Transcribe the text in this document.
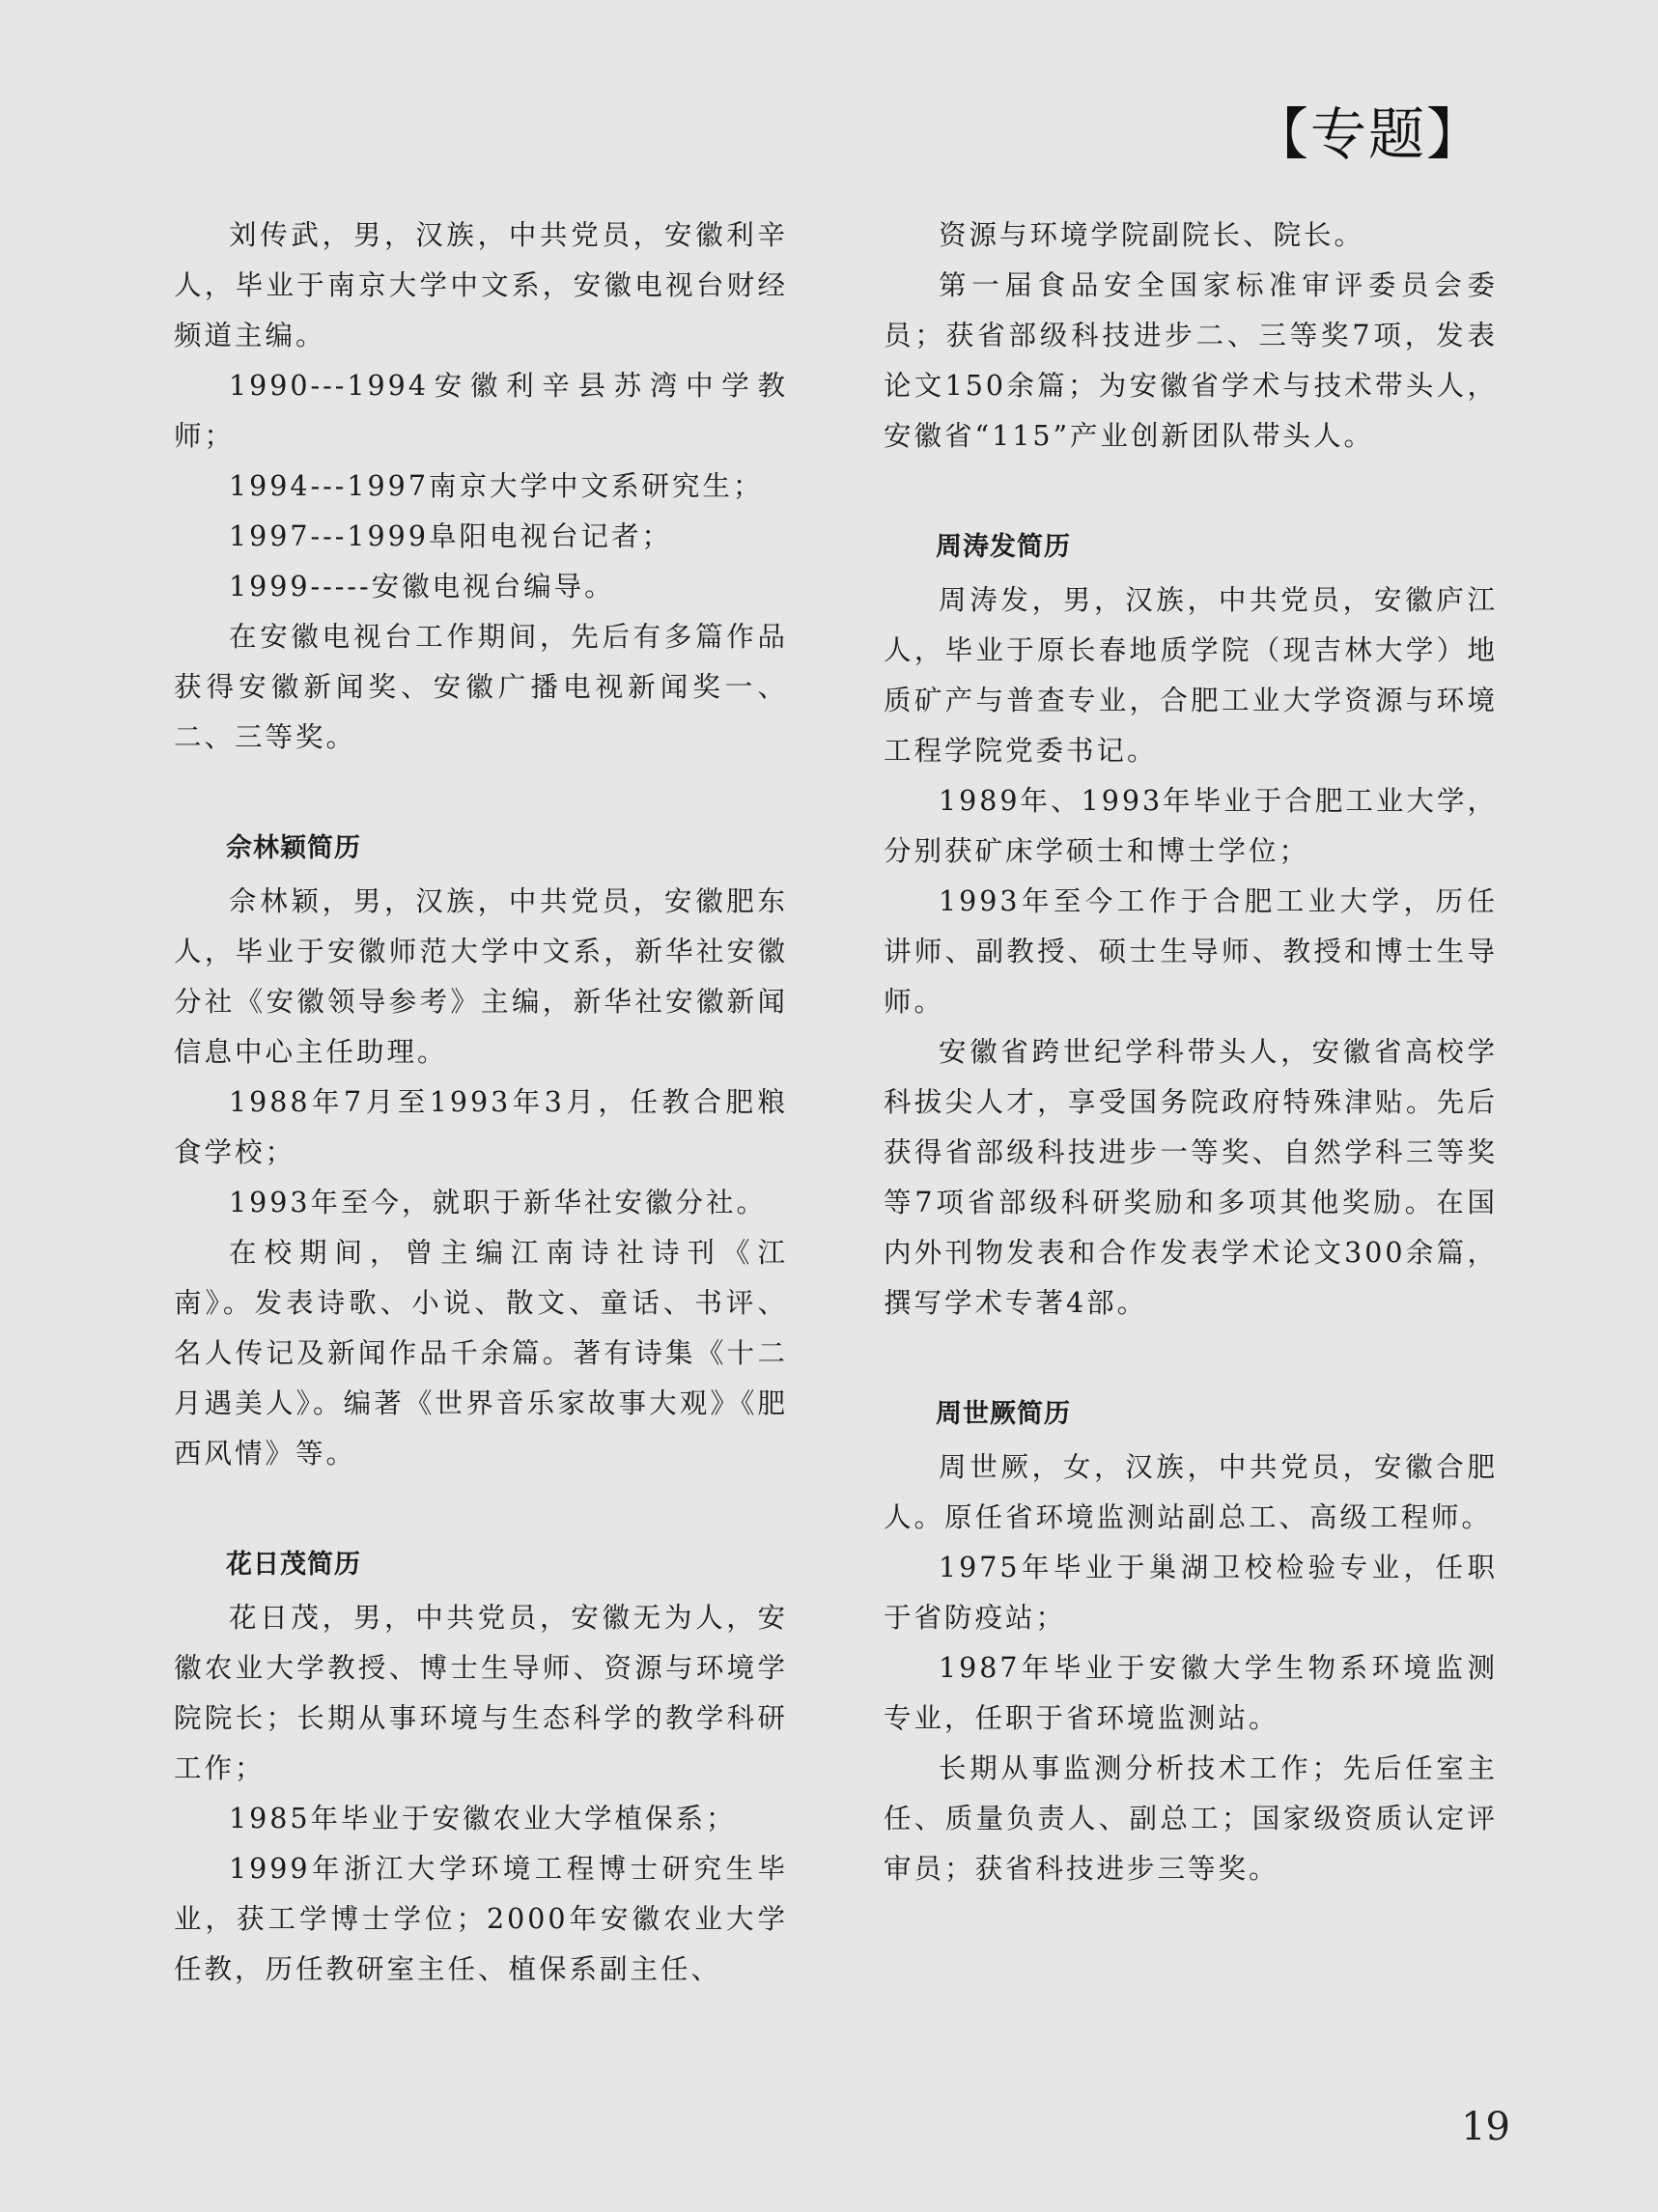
【专题】

刘传武，男，汉族，中共党员，安徽利辛人，毕业于南京大学中文系，安徽电视台财经频道主编。

1990---1994安徽利辛县苏湾中学教师；

1994---1997南京大学中文系研究生；

1997---1999阜阳电视台记者；

1999-----安徽电视台编导。

在安徽电视台工作期间，先后有多篇作品获得安徽新闻奖、安徽广播电视新闻奖一、二、三等奖。

佘林颖简历

佘林颖，男，汉族，中共党员，安徽肥东人，毕业于安徽师范大学中文系，新华社安徽分社《安徽领导参考》主编，新华社安徽新闻信息中心主任助理。

1988年7月至1993年3月，任教合肥粮食学校；

1993年至今，就职于新华社安徽分社。

在校期间，曾主编江南诗社诗刊《江南》。发表诗歌、小说、散文、童话、书评、名人传记及新闻作品千余篇。著有诗集《十二月遇美人》。编著《世界音乐家故事大观》《肥西风情》等。

花日茂简历

花日茂，男，中共党员，安徽无为人，安徽农业大学教授、博士生导师、资源与环境学院院长；长期从事环境与生态科学的教学科研工作；

1985年毕业于安徽农业大学植保系；

1999年浙江大学环境工程博士研究生毕业，获工学博士学位；2000年安徽农业大学任教，历任教研室主任、植保系副主任、

资源与环境学院副院长、院长。

第一届食品安全国家标准审评委员会委员；获省部级科技进步二、三等奖7项，发表论文150余篇；为安徽省学术与技术带头人，安徽省“115”产业创新团队带头人。

周涛发简历

周涛发，男，汉族，中共党员，安徽庐江人，毕业于原长春地质学院（现吉林大学）地质矿产与普查专业，合肥工业大学资源与环境工程学院党委书记。

1989年、1993年毕业于合肥工业大学，分别获矿床学硕士和博士学位；

1993年至今工作于合肥工业大学，历任讲师、副教授、硕士生导师、教授和博士生导师。

安徽省跨世纪学科带头人，安徽省高校学科拔尖人才，享受国务院政府特殊津贴。先后获得省部级科技进步一等奖、自然学科三等奖等7项省部级科研奖励和多项其他奖励。在国内外刊物发表和合作发表学术论文300余篇，撰写学术专著4部。

周世厥简历

周世厥，女，汉族，中共党员，安徽合肥人。原任省环境监测站副总工、高级工程师。

1975年毕业于巢湖卫校检验专业，任职于省防疫站；

1987年毕业于安徽大学生物系环境监测专业，任职于省环境监测站。

长期从事监测分析技术工作；先后任室主任、质量负责人、副总工；国家级资质认定评审员；获省科技进步三等奖。

19
